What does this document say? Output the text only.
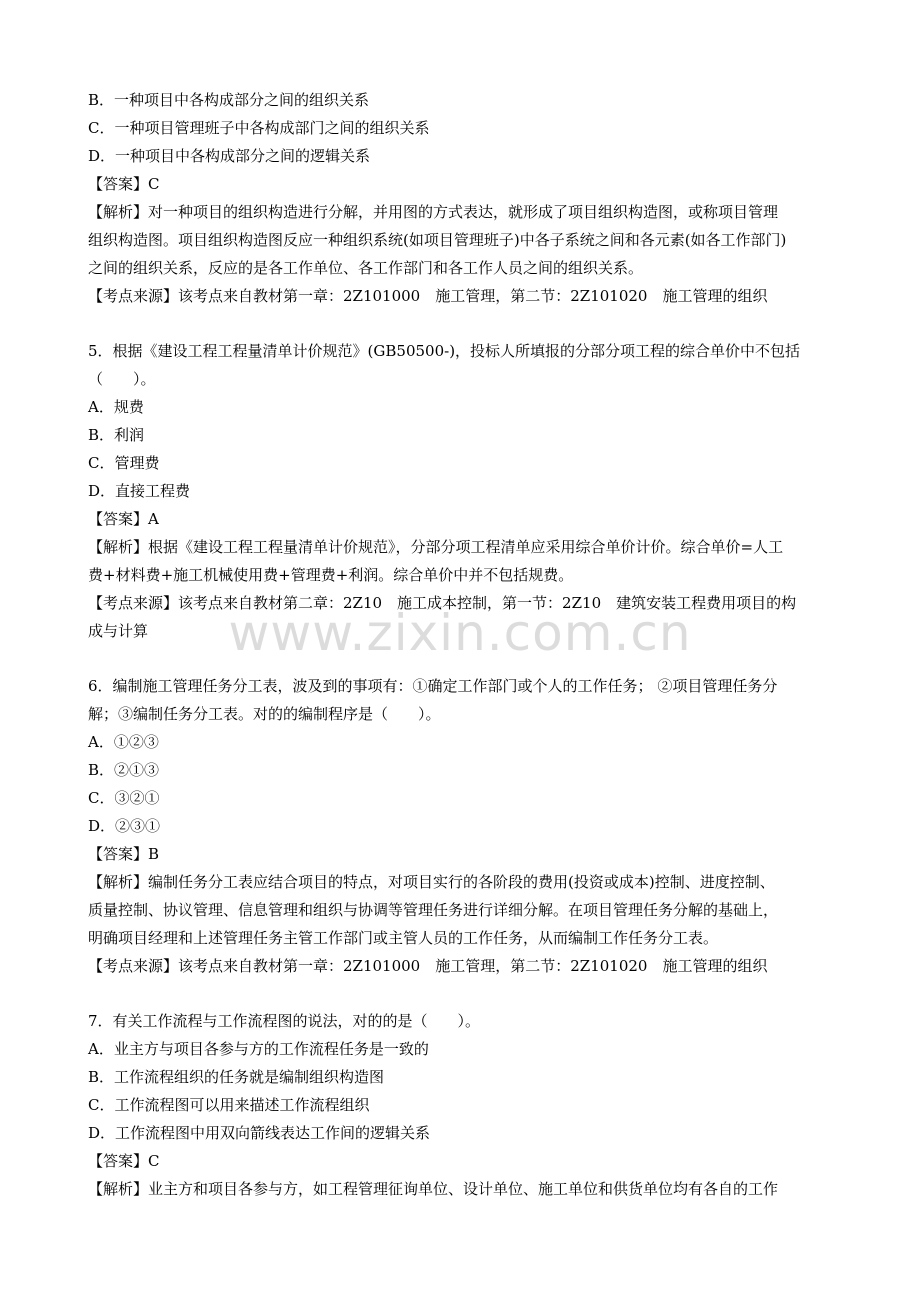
B．一种项目中各构成部分之间的组织关系
C．一种项目管理班子中各构成部门之间的组织关系
D．一种项目中各构成部分之间的逻辑关系
【答案】C
【解析】对一种项目的组织构造进行分解，并用图的方式表达，就形成了项目组织构造图，或称项目管理
组织构造图。项目组织构造图反应一种组织系统(如项目管理班子)中各子系统之间和各元素(如各工作部门)
之间的组织关系，反应的是各工作单位、各工作部门和各工作人员之间的组织关系。
【考点来源】该考点来自教材第一章：2Z101000　施工管理，第二节：2Z101020　施工管理的组织
5．根据《建设工程工程量清单计价规范》(GB50500-)，投标人所填报的分部分项工程的综合单价中不包括
（　　）。
A．规费
B．利润
C．管理费
D．直接工程费
【答案】A
【解析】根据《建设工程工程量清单计价规范》，分部分项工程清单应采用综合单价计价。综合单价=人工
费+材料费+施工机械使用费+管理费+利润。综合单价中并不包括规费。
【考点来源】该考点来自教材第二章：2Z10　施工成本控制，第一节：2Z10　建筑安装工程费用项目的构
成与计算
6．编制施工管理任务分工表，波及到的事项有：①确定工作部门或个人的工作任务； ②项目管理任务分
解；③编制任务分工表。对的的编制程序是（　　）。
A．①②③
B．②①③
C．③②①
D．②③①
【答案】B
【解析】编制任务分工表应结合项目的特点，对项目实行的各阶段的费用(投资或成本)控制、进度控制、
质量控制、协议管理、信息管理和组织与协调等管理任务进行详细分解。在项目管理任务分解的基础上，
明确项目经理和上述管理任务主管工作部门或主管人员的工作任务，从而编制工作任务分工表。
【考点来源】该考点来自教材第一章：2Z101000　施工管理，第二节：2Z101020　施工管理的组织
7．有关工作流程与工作流程图的说法，对的的是（　　）。
A．业主方与项目各参与方的工作流程任务是一致的
B．工作流程组织的任务就是编制组织构造图
C．工作流程图可以用来描述工作流程组织
D．工作流程图中用双向箭线表达工作间的逻辑关系
【答案】C
【解析】业主方和项目各参与方，如工程管理征询单位、设计单位、施工单位和供货单位均有各自的工作
www.zixin.com.cn
